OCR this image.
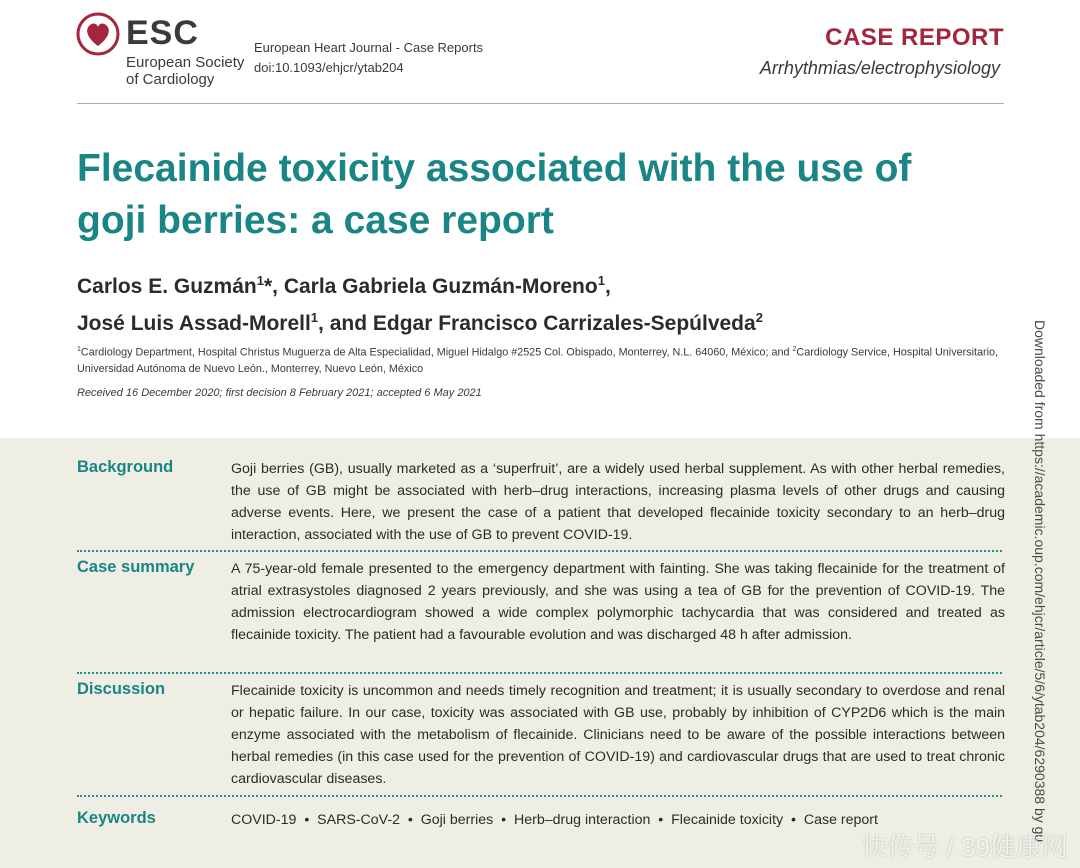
ESC
European Society
of Cardiology
European Heart Journal - Case Reports
doi:10.1093/ehjcr/ytab204
CASE REPORT
Arrhythmias/electrophysiology
Flecainide toxicity associated with the use of
goji berries: a case report
Carlos E. Guzmán$^1$*, Carla Gabriela Guzmán-Moreno$^1$,
José Luis Assad-Morell$^1$, and Edgar Francisco Carrizales-Sepúlveda$^2$
$^1$Cardiology Department, Hospital Christus Muguerza de Alta Especialidad, Miguel Hidalgo #2525 Col. Obispado, Monterrey, N.L. 64060, México; and $^2$Cardiology Service, Hospital Universitario, Universidad Autónoma de Nuevo León., Monterrey, Nuevo León, México
Received 16 December 2020; first decision 8 February 2021; accepted 6 May 2021
Background	Goji berries (GB), usually marketed as a ‘superfruit’, are a widely used herbal supplement. As with other herbal remedies, the use of GB might be associated with herb–drug interactions, increasing plasma levels of other drugs and causing adverse events. Here, we present the case of a patient that developed flecainide toxicity secondary to an herb–drug interaction, associated with the use of GB to prevent COVID-19.
Case summary	A 75-year-old female presented to the emergency department with fainting. She was taking flecainide for the treatment of atrial extrasystoles diagnosed 2 years previously, and she was using a tea of GB for the prevention of COVID-19. The admission electrocardiogram showed a wide complex polymorphic tachycardia that was considered and treated as flecainide toxicity. The patient had a favourable evolution and was discharged 48 h after admission.
Discussion	Flecainide toxicity is uncommon and needs timely recognition and treatment; it is usually secondary to overdose and renal or hepatic failure. In our case, toxicity was associated with GB use, probably by inhibition of CYP2D6 which is the main enzyme associated with the metabolism of flecainide. Clinicians need to be aware of the possible interactions between herbal remedies (in this case used for the prevention of COVID-19) and cardiovascular drugs that are used to treat chronic cardiovascular diseases.
Keywords	COVID-19  •  SARS-CoV-2  •  Goji berries  •  Herb–drug interaction  •  Flecainide toxicity  •  Case report	Downloaded from https://academic.oup.com/ehjcr/article/5/6/ytab204/6290388 by gu
快传号 / 39健康网
